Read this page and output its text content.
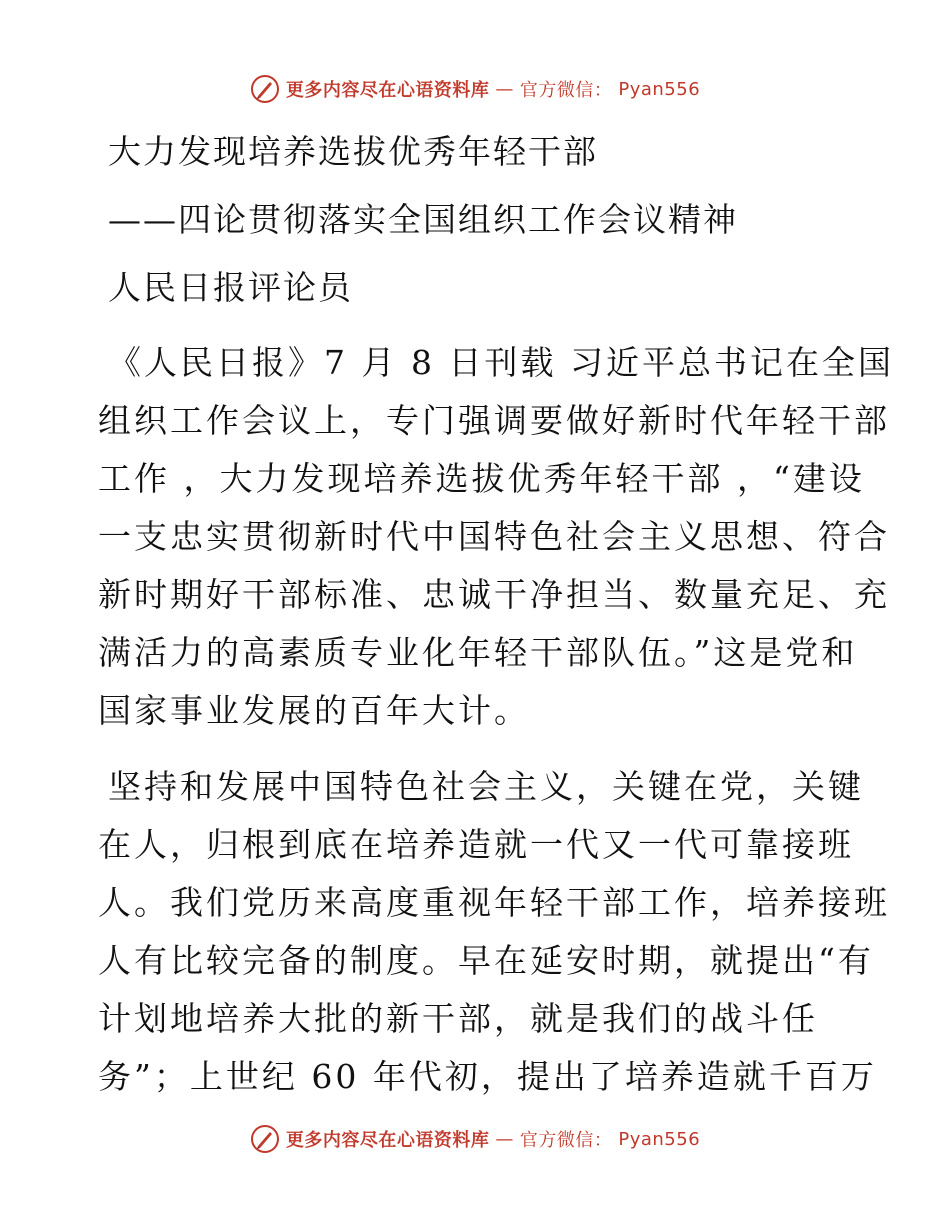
更多内容尽在心语资料库 — 官方微信： Pyan556
大力发现培养选拔优秀年轻干部
——四论贯彻落实全国组织工作会议精神
人民日报评论员
《人民日报》7 月 8 日刊载 习近平总书记在全国
组织工作会议上，专门强调要做好新时代年轻干部
工作 ，大力发现培养选拔优秀年轻干部 ，“建设
一支忠实贯彻新时代中国特色社会主义思想、符合
新时期好干部标准、忠诚干净担当、数量充足、充
满活力的高素质专业化年轻干部队伍。”这是党和
国家事业发展的百年大计。
坚持和发展中国特色社会主义，关键在党，关键
在人，归根到底在培养造就一代又一代可靠接班
人。我们党历来高度重视年轻干部工作，培养接班
人有比较完备的制度。早在延安时期，就提出“有
计划地培养大批的新干部，就是我们的战斗任
务”；上世纪 60 年代初，提出了培养造就千百万
更多内容尽在心语资料库 — 官方微信： Pyan556
